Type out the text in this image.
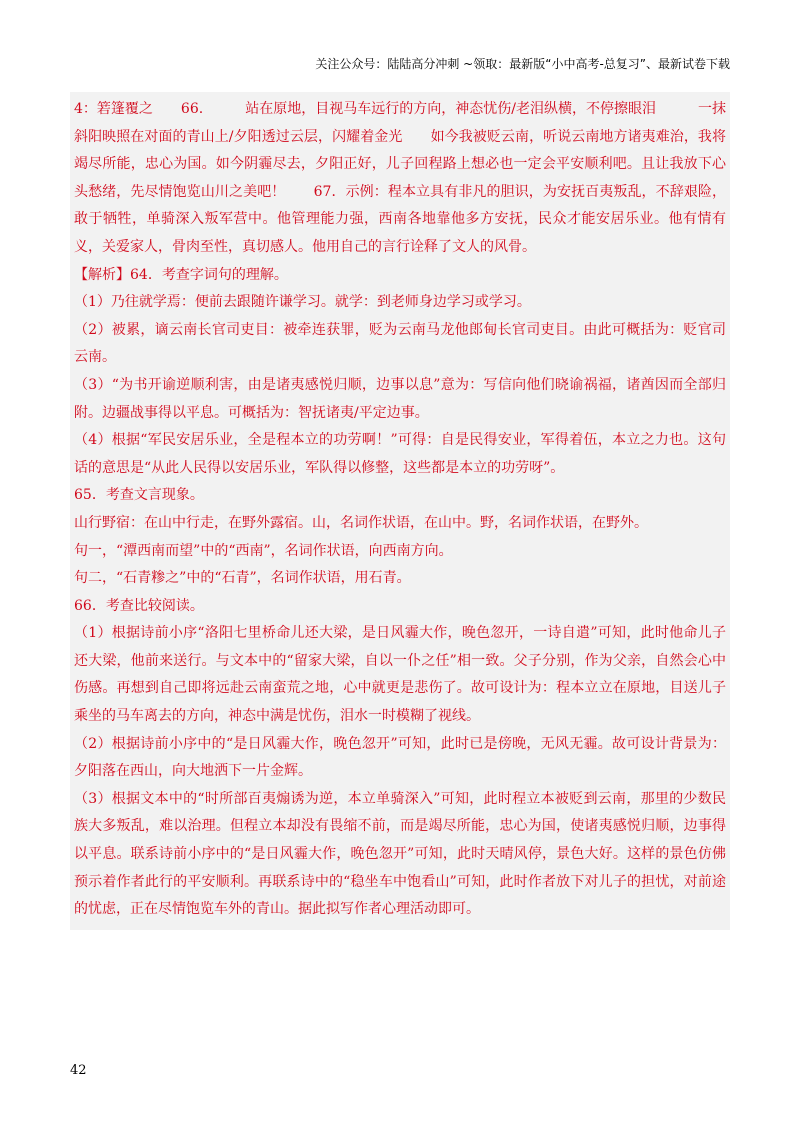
关注公众号：陆陆高分冲刺 ~领取：最新版“小中高考-总复习”、最新试卷下载

4：箬篷覆之　　66.　　　站在原地，目视马车远行的方向，神态忧伤/老泪纵横，不停擦眼泪　　　一抹斜阳映照在对面的青山上/夕阳透过云层，闪耀着金光　　如今我被贬云南，听说云南地方诸夷难治，我将竭尽所能，忠心为国。如今阴霾尽去，夕阳正好，儿子回程路上想必也一定会平安顺利吧。且让我放下心头愁绪，先尽情饱览山川之美吧！　　67．示例：程本立具有非凡的胆识，为安抚百夷叛乱，不辞艰险，敢于牺牲，单骑深入叛军营中。他管理能力强，西南各地靠他多方安抚，民众才能安居乐业。他有情有义，关爱家人，骨肉至性，真切感人。他用自己的言行诠释了文人的风骨。

【解析】64．考查字词句的理解。

（1）乃往就学焉：便前去跟随许谦学习。就学：到老师身边学习或学习。

（2）被累，谪云南长官司吏目：被牵连获罪，贬为云南马龙他郎甸长官司吏目。由此可概括为：贬官司云南。

（3）“为书开谕逆顺利害，由是诸夷感悦归顺，边事以息”意为：写信向他们晓谕祸福，诸酋因而全部归附。边疆战事得以平息。可概括为：智抚诸夷/平定边事。

（4）根据“军民安居乐业，全是程本立的功劳啊！”可得：自是民得安业，军得着伍，本立之力也。这句话的意思是“从此人民得以安居乐业，军队得以修整，这些都是本立的功劳呀”。

65．考查文言现象。

山行野宿：在山中行走，在野外露宿。山，名词作状语，在山中。野，名词作状语，在野外。

句一，“潭西南而望”中的“西南”，名词作状语，向西南方向。

句二，“石青糁之”中的“石青”，名词作状语，用石青。

66．考查比较阅读。

（1）根据诗前小序“洛阳七里桥命儿还大梁，是日风霾大作，晚色忽开，一诗自遣”可知，此时他命儿子还大梁，他前来送行。与文本中的“留家大梁，自以一仆之任”相一致。父子分别，作为父亲，自然会心中伤感。再想到自己即将远赴云南蛮荒之地，心中就更是悲伤了。故可设计为：程本立立在原地，目送儿子乘坐的马车离去的方向，神态中满是忧伤，泪水一时模糊了视线。

（2）根据诗前小序中的“是日风霾大作，晚色忽开”可知，此时已是傍晚，无风无霾。故可设计背景为：夕阳落在西山，向大地洒下一片金辉。

（3）根据文本中的“时所部百夷煽诱为逆，本立单骑深入”可知，此时程立本被贬到云南，那里的少数民族大多叛乱，难以治理。但程立本却没有畏缩不前，而是竭尽所能，忠心为国，使诸夷感悦归顺，边事得以平息。联系诗前小序中的“是日风霾大作，晚色忽开”可知，此时天晴风停，景色大好。这样的景色仿佛预示着作者此行的平安顺利。再联系诗中的“稳坐车中饱看山”可知，此时作者放下对儿子的担忧，对前途的忧虑，正在尽情饱览车外的青山。据此拟写作者心理活动即可。

42
